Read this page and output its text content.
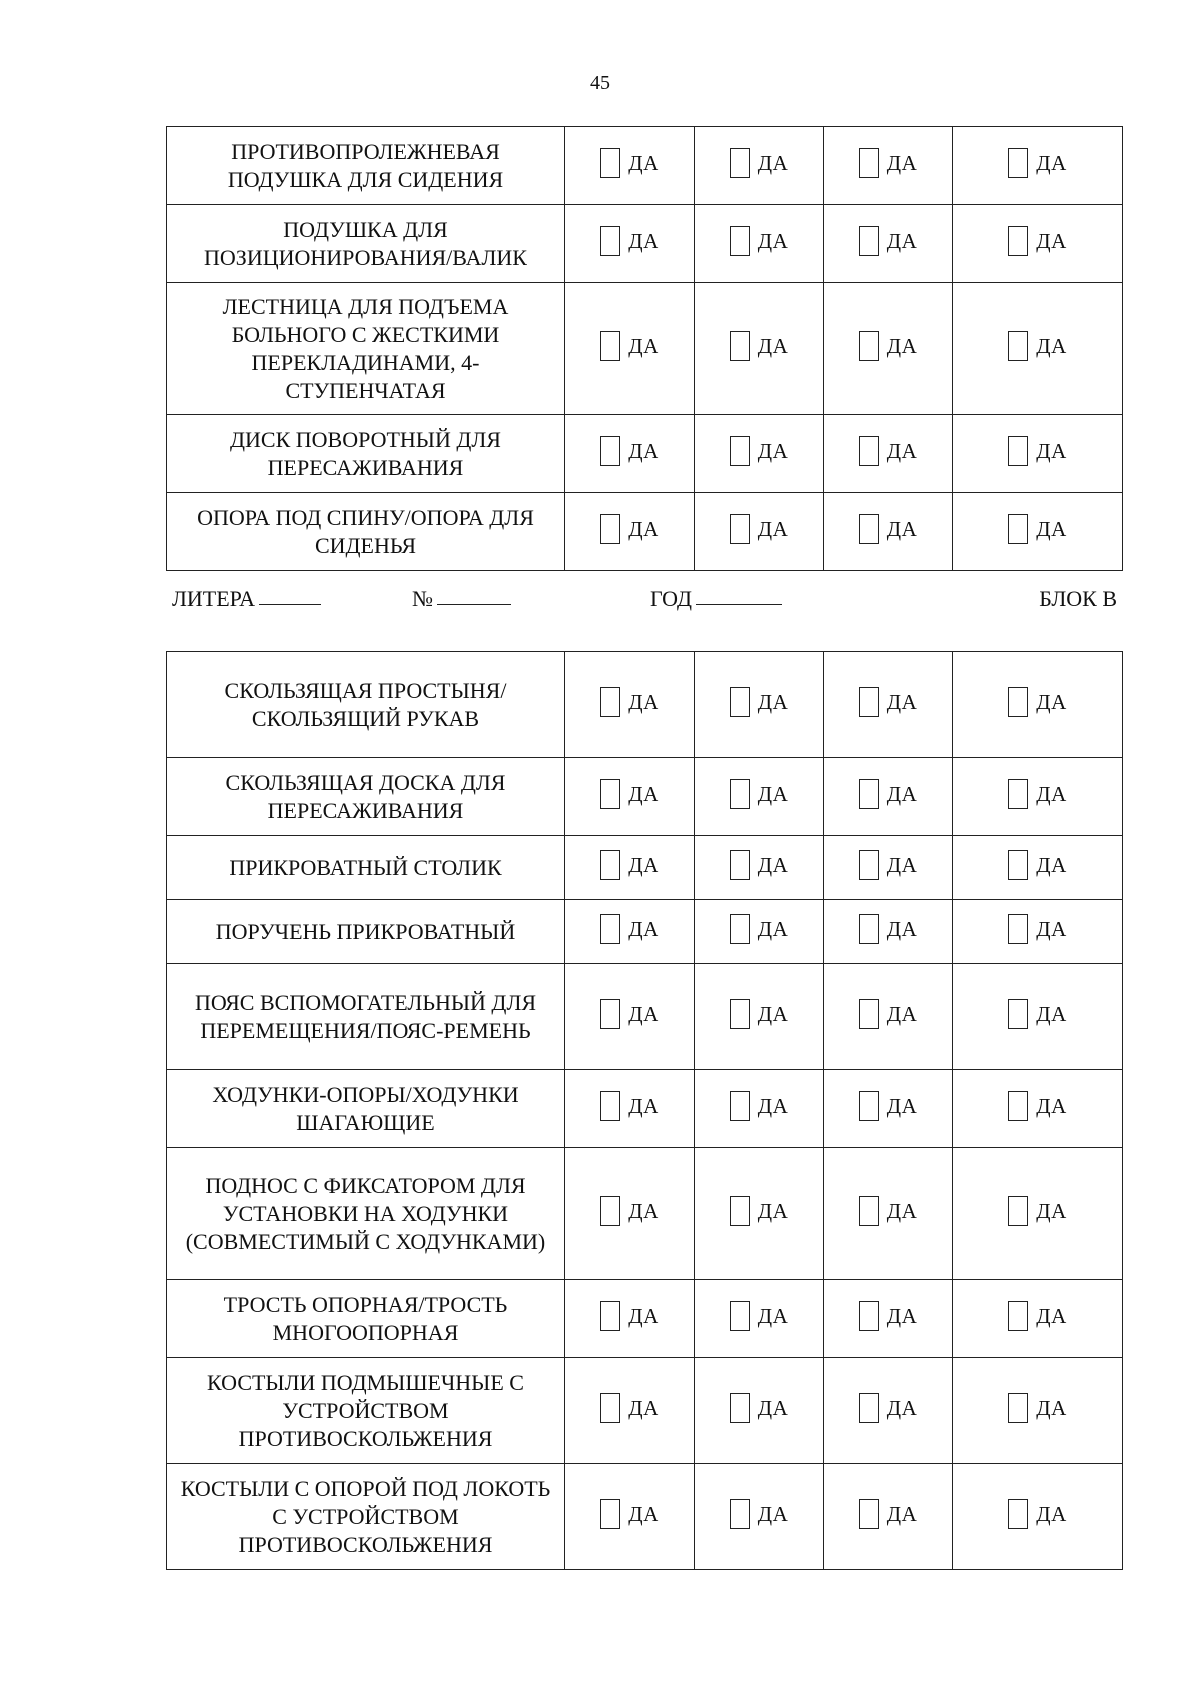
45
ПРОТИВОПРОЛЕЖНЕВАЯ ПОДУШКА ДЛЯ СИДЕНИЯ	ДА	ДА	ДА	ДА

ПОДУШКА ДЛЯ ПОЗИЦИОНИРОВАНИЯ/ВАЛИК	ДА	ДА	ДА	ДА

ЛЕСТНИЦА ДЛЯ ПОДЪЕМА БОЛЬНОГО С ЖЕСТКИМИ ПЕРЕКЛАДИНАМИ, 4-СТУПЕНЧАТАЯ	ДА	ДА	ДА	ДА

ДИСК ПОВОРОТНЫЙ ДЛЯ ПЕРЕСАЖИВАНИЯ	ДА	ДА	ДА	ДА

ОПОРА ПОД СПИНУ/ОПОРА ДЛЯ СИДЕНЬЯ	ДА	ДА	ДА	ДА
ЛИТЕРА	№	ГОД	БЛОК В
СКОЛЬЗЯЩАЯ ПРОСТЫНЯ/СКОЛЬЗЯЩИЙ РУКАВ	ДА	ДА	ДА	ДА

СКОЛЬЗЯЩАЯ ДОСКА ДЛЯ ПЕРЕСАЖИВАНИЯ	ДА	ДА	ДА	ДА

ПРИКРОВАТНЫЙ СТОЛИК	ДА	ДА	ДА	ДА

ПОРУЧЕНЬ ПРИКРОВАТНЫЙ	ДА	ДА	ДА	ДА

ПОЯС ВСПОМОГАТЕЛЬНЫЙ ДЛЯ ПЕРЕМЕЩЕНИЯ/ПОЯС-РЕМЕНЬ	ДА	ДА	ДА	ДА

ХОДУНКИ-ОПОРЫ/ХОДУНКИ ШАГАЮЩИЕ	ДА	ДА	ДА	ДА

ПОДНОС С ФИКСАТОРОМ ДЛЯ УСТАНОВКИ НА ХОДУНКИ (СОВМЕСТИМЫЙ С ХОДУНКАМИ)	ДА	ДА	ДА	ДА

ТРОСТЬ ОПОРНАЯ/ТРОСТЬ МНОГООПОРНАЯ	ДА	ДА	ДА	ДА

КОСТЫЛИ ПОДМЫШЕЧНЫЕ С УСТРОЙСТВОМ ПРОТИВОСКОЛЬЖЕНИЯ	ДА	ДА	ДА	ДА

КОСТЫЛИ С ОПОРОЙ ПОД ЛОКОТЬ С УСТРОЙСТВОМ ПРОТИВОСКОЛЬЖЕНИЯ	ДА	ДА	ДА	ДА
